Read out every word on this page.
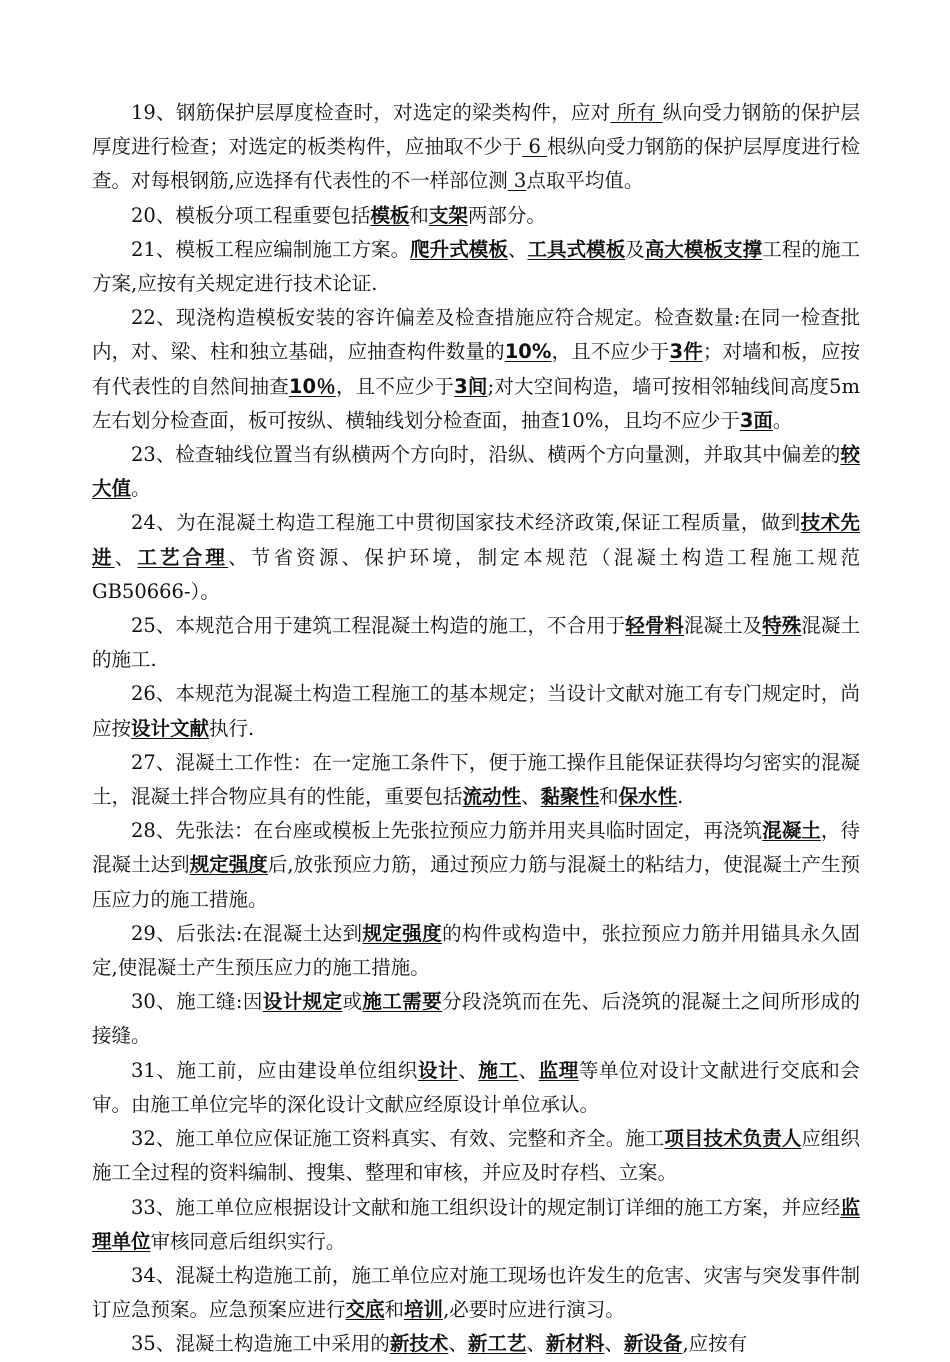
19、钢筋保护层厚度检查时，对选定的梁类构件，应对 所有 纵向受力钢筋的保护层厚度进行检查；对选定的板类构件，应抽取不少于 6 根纵向受力钢筋的保护层厚度进行检查。对每根钢筋,应选择有代表性的不一样部位测 3点取平均值。

20、模板分项工程重要包括模板和支架两部分。

21、模板工程应编制施工方案。爬升式模板、工具式模板及高大模板支撑工程的施工方案,应按有关规定进行技术论证.

22、现浇构造模板安装的容许偏差及检查措施应符合规定。检查数量:在同一检查批内，对、梁、柱和独立基础，应抽查构件数量的10%，且不应少于3件；对墙和板，应按有代表性的自然间抽查10％，且不应少于3间;对大空间构造，墙可按相邻轴线间高度5m左右划分检查面，板可按纵、横轴线划分检查面，抽查10%，且均不应少于3面。

23、检查轴线位置当有纵横两个方向时，沿纵、横两个方向量测，并取其中偏差的较大值。

24、为在混凝土构造工程施工中贯彻国家技术经济政策,保证工程质量，做到技术先进、工艺合理、节省资源、保护环境，制定本规范（混凝土构造工程施工规范GB50666-）。

25、本规范合用于建筑工程混凝土构造的施工，不合用于轻骨料混凝土及特殊混凝土的施工.

26、本规范为混凝土构造工程施工的基本规定；当设计文献对施工有专门规定时，尚应按设计文献执行.

27、混凝土工作性：在一定施工条件下，便于施工操作且能保证获得均匀密实的混凝土，混凝土拌合物应具有的性能，重要包括流动性、黏聚性和保水性.

28、先张法：在台座或模板上先张拉预应力筋并用夹具临时固定，再浇筑混凝土，待混凝土达到规定强度后,放张预应力筋，通过预应力筋与混凝土的粘结力，使混凝土产生预压应力的施工措施。

29、后张法:在混凝土达到规定强度的构件或构造中，张拉预应力筋并用锚具永久固定,使混凝土产生预压应力的施工措施。

30、施工缝:因设计规定或施工需要分段浇筑而在先、后浇筑的混凝土之间所形成的接缝。

31、施工前，应由建设单位组织设计、施工、监理等单位对设计文献进行交底和会审。由施工单位完毕的深化设计文献应经原设计单位承认。

32、施工单位应保证施工资料真实、有效、完整和齐全。施工项目技术负责人应组织施工全过程的资料编制、搜集、整理和审核，并应及时存档、立案。

33、施工单位应根据设计文献和施工组织设计的规定制订详细的施工方案，并应经监理单位审核同意后组织实行。

34、混凝土构造施工前，施工单位应对施工现场也许发生的危害、灾害与突发事件制订应急预案。应急预案应进行交底和培训,必要时应进行演习。

35、混凝土构造施工中采用的新技术、新工艺、新材料、新设备,应按有
